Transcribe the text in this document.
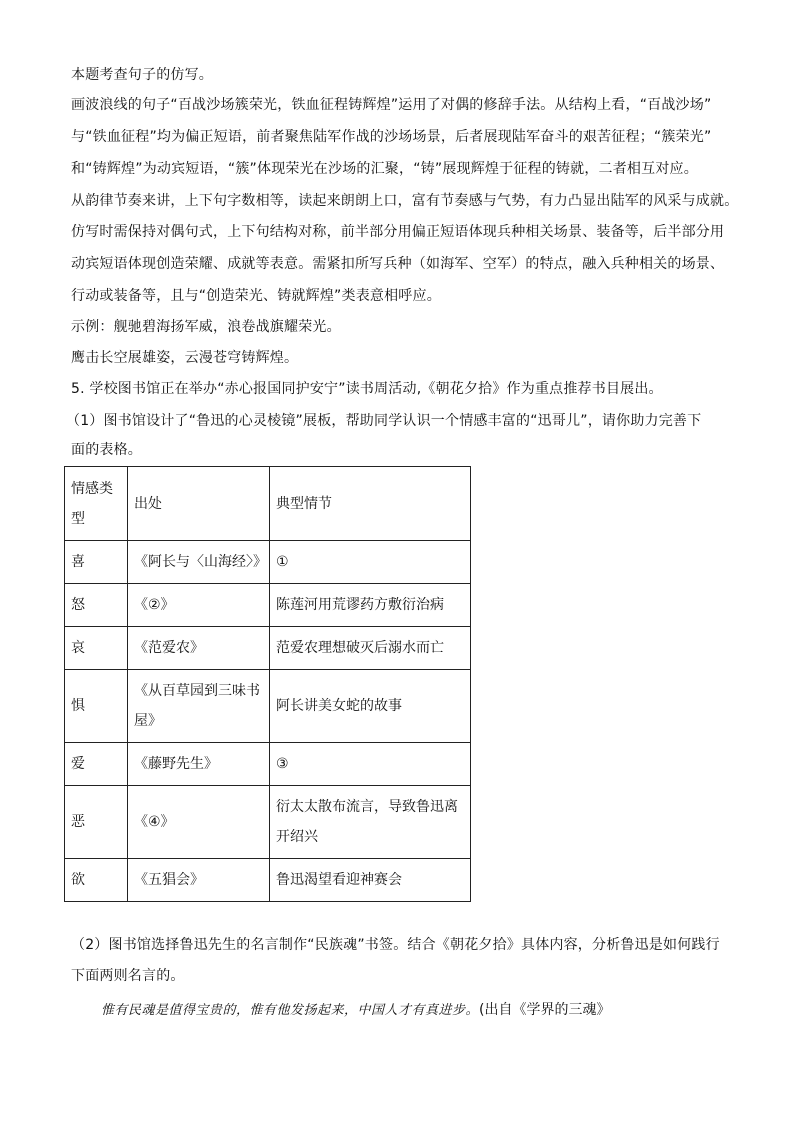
本题考查句子的仿写。
画波浪线的句子“百战沙场簇荣光，铁血征程铸辉煌”运用了对偶的修辞手法。从结构上看，“百战沙场”
与“铁血征程”均为偏正短语，前者聚焦陆军作战的沙场场景，后者展现陆军奋斗的艰苦征程；“簇荣光”
和“铸辉煌”为动宾短语，“簇”体现荣光在沙场的汇聚，“铸”展现辉煌于征程的铸就，二者相互对应。
从韵律节奏来讲，上下句字数相等，读起来朗朗上口，富有节奏感与气势，有力凸显出陆军的风采与成就。
仿写时需保持对偶句式，上下句结构对称，前半部分用偏正短语体现兵种相关场景、装备等，后半部分用
动宾短语体现创造荣耀、成就等表意。需紧扣所写兵种（如海军、空军）的特点，融入兵种相关的场景、
行动或装备等，且与“创造荣光、铸就辉煌”类表意相呼应。
示例：舰驰碧海扬军威，浪卷战旗耀荣光。
鹰击长空展雄姿，云漫苍穹铸辉煌。
5. 学校图书馆正在举办“赤心报国同护安宁”读书周活动,《朝花夕拾》作为重点推荐书目展出。
（1）图书馆设计了“鲁迅的心灵棱镜”展板，帮助同学认识一个情感丰富的“迅哥儿”，请你助力完善下
面的表格。
情感类型	出处	典型情节
喜	《阿长与〈山海经〉》	①
怒	《②》	陈莲河用荒谬药方敷衍治病
哀	《范爱农》	范爱农理想破灭后溺水而亡
惧	《从百草园到三味书屋》	阿长讲美女蛇的故事
爱	《藤野先生》	③
恶	《④》	衍太太散布流言，导致鲁迅离开绍兴

欲	《五猖会》	鲁迅渴望看迎神赛会
（2）图书馆选择鲁迅先生的名言制作“民族魂”书签。结合《朝花夕拾》具体内容，分析鲁迅是如何践行
下面两则名言的。
惟有民魂是值得宝贵的，惟有他发扬起来，中国人才有真进步。(出自《学界的三魂》
